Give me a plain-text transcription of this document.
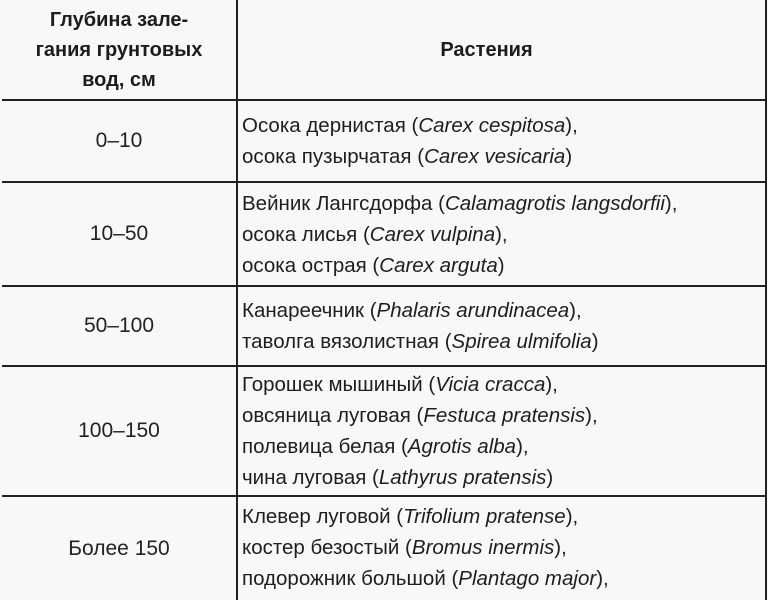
Глубина зале-
гания грунтовых
вод, см	Растения
0–10	Осока дернистая (Carex cespitosa),
осока пузырчатая (Carex vesicaria)

10–50	Вейник Лангсдорфа (Calamagrotis langsdorfii),
осока лисья (Carex vulpina),
осока острая (Carex arguta)

50–100	Канареечник (Phalaris arundinacea),
таволга вязолистная (Spirea ulmifolia)

100–150	Горошек мышиный (Vicia cracca),
овсяница луговая (Festuca pratensis),
полевица белая (Agrotis alba),
чина луговая (Lathyrus pratensis)

Более 150	Клевер луговой (Trifolium pratense),
костер безостый (Bromus inermis),
подорожник большой (Plantago major),
